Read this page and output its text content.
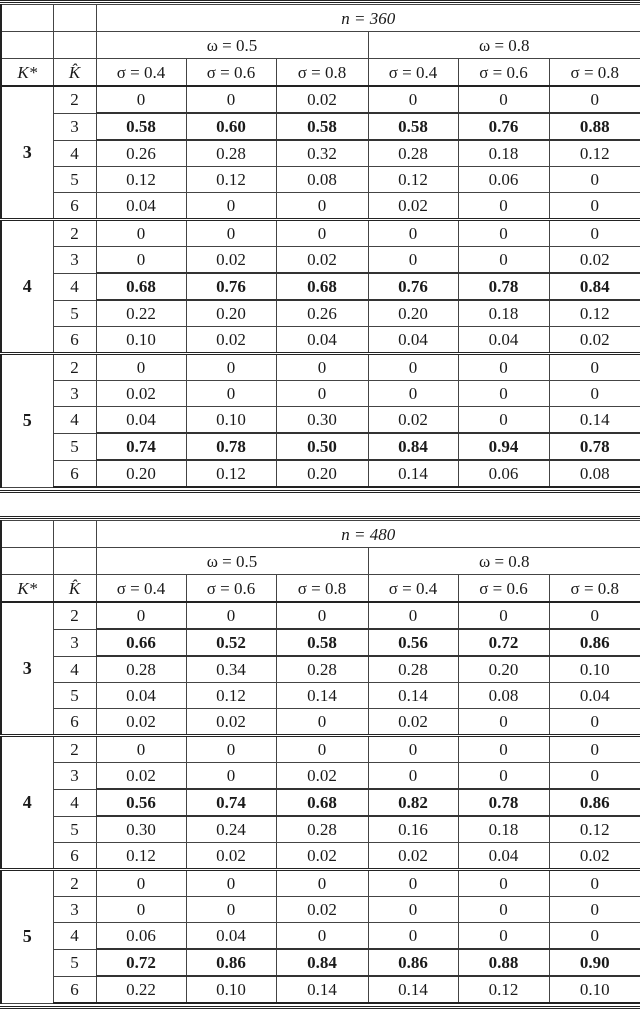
		n = 360					
		ω = 0.5			ω = 0.8		
K*	K̂	σ = 0.4	σ = 0.6	σ = 0.8	σ = 0.4	σ = 0.6	σ = 0.8
3	2	0	0	0.02	0	0	0
	3	0.58	0.60	0.58	0.58	0.76	0.88
	4	0.26	0.28	0.32	0.28	0.18	0.12
	5	0.12	0.12	0.08	0.12	0.06	0
	6	0.04	0	0	0.02	0	0
4	2	0	0	0	0	0	0
	3	0	0.02	0.02	0	0	0.02
	4	0.68	0.76	0.68	0.76	0.78	0.84
	5	0.22	0.20	0.26	0.20	0.18	0.12
	6	0.10	0.02	0.04	0.04	0.04	0.02
5	2	0	0	0	0	0	0
	3	0.02	0	0	0	0	0
	4	0.04	0.10	0.30	0.02	0	0.14
	5	0.74	0.78	0.50	0.84	0.94	0.78
	6	0.20	0.12	0.20	0.14	0.06	0.08
		n = 480					
		ω = 0.5			ω = 0.8		
K*	K̂	σ = 0.4	σ = 0.6	σ = 0.8	σ = 0.4	σ = 0.6	σ = 0.8
3	2	0	0	0	0	0	0
	3	0.66	0.52	0.58	0.56	0.72	0.86
	4	0.28	0.34	0.28	0.28	0.20	0.10
	5	0.04	0.12	0.14	0.14	0.08	0.04
	6	0.02	0.02	0	0.02	0	0
4	2	0	0	0	0	0	0
	3	0.02	0	0.02	0	0	0
	4	0.56	0.74	0.68	0.82	0.78	0.86
	5	0.30	0.24	0.28	0.16	0.18	0.12
	6	0.12	0.02	0.02	0.02	0.04	0.02
5	2	0	0	0	0	0	0
	3	0	0	0.02	0	0	0
	4	0.06	0.04	0	0	0	0
	5	0.72	0.86	0.84	0.86	0.88	0.90
	6	0.22	0.10	0.14	0.14	0.12	0.10
